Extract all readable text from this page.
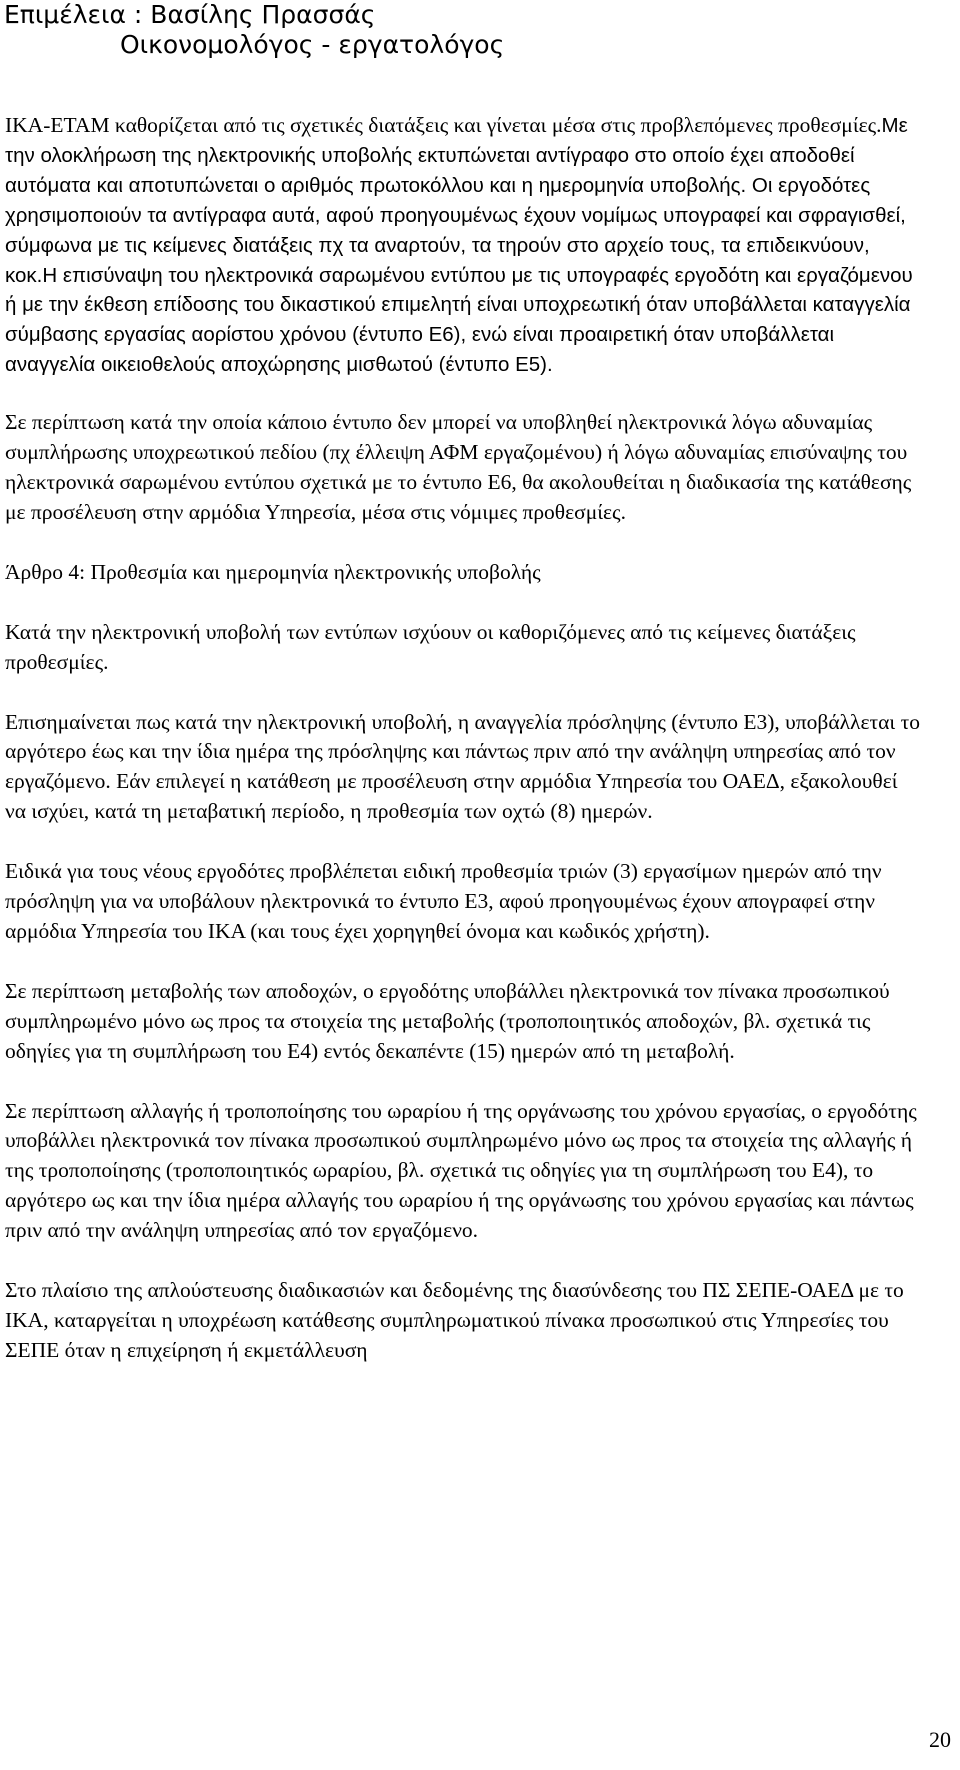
Επιμέλεια : Βασίλης Πρασσάς
Οικονομολόγος - εργατολόγος

ΙΚΑ-ΕΤΑΜ καθορίζεται από τις σχετικές διατάξεις και γίνεται μέσα στις προβλεπόμενες προθεσμίες.Με την ολοκλήρωση της ηλεκτρονικής υποβολής εκτυπώνεται αντίγραφο στο οποίο έχει αποδοθεί αυτόματα και αποτυπώνεται ο αριθμός πρωτοκόλλου και η ημερομηνία υποβολής. Οι εργοδότες χρησιμοποιούν τα αντίγραφα αυτά, αφού προηγουμένως έχουν νομίμως υπογραφεί και σφραγισθεί, σύμφωνα με τις κείμενες διατάξεις πχ τα αναρτούν, τα τηρούν στο αρχείο τους, τα επιδεικνύουν, κοκ.Η επισύναψη του ηλεκτρονικά σαρωμένου εντύπου με τις υπογραφές εργοδότη και εργαζόμενου ή με την έκθεση επίδοσης του δικαστικού επιμελητή είναι υποχρεωτική όταν υποβάλλεται καταγγελία σύμβασης εργασίας αορίστου χρόνου (έντυπο Ε6), ενώ είναι προαιρετική όταν υποβάλλεται αναγγελία οικειοθελούς αποχώρησης μισθωτού (έντυπο Ε5).

Σε περίπτωση κατά την οποία κάποιο έντυπο δεν μπορεί να υποβληθεί ηλεκτρονικά λόγω αδυναμίας συμπλήρωσης υποχρεωτικού πεδίου (πχ έλλειψη ΑΦΜ εργαζομένου) ή λόγω αδυναμίας επισύναψης του ηλεκτρονικά σαρωμένου εντύπου σχετικά με το έντυπο Ε6, θα ακολουθείται η διαδικασία της κατάθεσης με προσέλευση στην αρμόδια Υπηρεσία, μέσα στις νόμιμες προθεσμίες.

Άρθρο 4: Προθεσμία και ημερομηνία ηλεκτρονικής υποβολής

Κατά την ηλεκτρονική υποβολή των εντύπων ισχύουν οι καθοριζόμενες από τις κείμενες διατάξεις προθεσμίες.

Επισημαίνεται πως κατά την ηλεκτρονική υποβολή, η αναγγελία πρόσληψης (έντυπο Ε3), υποβάλλεται το αργότερο έως και την ίδια ημέρα της πρόσληψης και πάντως πριν από την ανάληψη υπηρεσίας από τον εργαζόμενο. Εάν επιλεγεί η κατάθεση με προσέλευση στην αρμόδια Υπηρεσία του ΟΑΕΔ, εξακολουθεί να ισχύει, κατά τη μεταβατική περίοδο, η προθεσμία των οχτώ (8) ημερών.

Ειδικά για τους νέους εργοδότες προβλέπεται ειδική προθεσμία τριών (3) εργασίμων ημερών από την πρόσληψη για να υποβάλουν ηλεκτρονικά το έντυπο Ε3, αφού προηγουμένως έχουν απογραφεί στην αρμόδια Υπηρεσία του ΙΚΑ (και τους έχει χορηγηθεί όνομα και κωδικός χρήστη).

Σε περίπτωση μεταβολής των αποδοχών, ο εργοδότης υποβάλλει ηλεκτρονικά τον πίνακα προσωπικού συμπληρωμένο μόνο ως προς τα στοιχεία της μεταβολής (τροποποιητικός αποδοχών, βλ. σχετικά τις οδηγίες για τη συμπλήρωση του Ε4) εντός δεκαπέντε (15) ημερών από τη μεταβολή.

Σε περίπτωση αλλαγής ή τροποποίησης του ωραρίου ή της οργάνωσης του χρόνου εργασίας, ο εργοδότης υποβάλλει ηλεκτρονικά τον πίνακα προσωπικού συμπληρωμένο μόνο ως προς τα στοιχεία της αλλαγής ή της τροποποίησης (τροποποιητικός ωραρίου, βλ. σχετικά τις οδηγίες για τη συμπλήρωση του Ε4), το αργότερο ως και την ίδια ημέρα αλλαγής του ωραρίου ή της οργάνωσης του χρόνου εργασίας και πάντως πριν από την ανάληψη υπηρεσίας από τον εργαζόμενο.

Στο πλαίσιο της απλούστευσης διαδικασιών και δεδομένης της διασύνδεσης του ΠΣ ΣΕΠΕ-ΟΑΕΔ με το ΙΚΑ, καταργείται η υποχρέωση κατάθεσης συμπληρωματικού πίνακα προσωπικού στις Υπηρεσίες του ΣΕΠΕ όταν η επιχείρηση ή εκμετάλλευση

20
